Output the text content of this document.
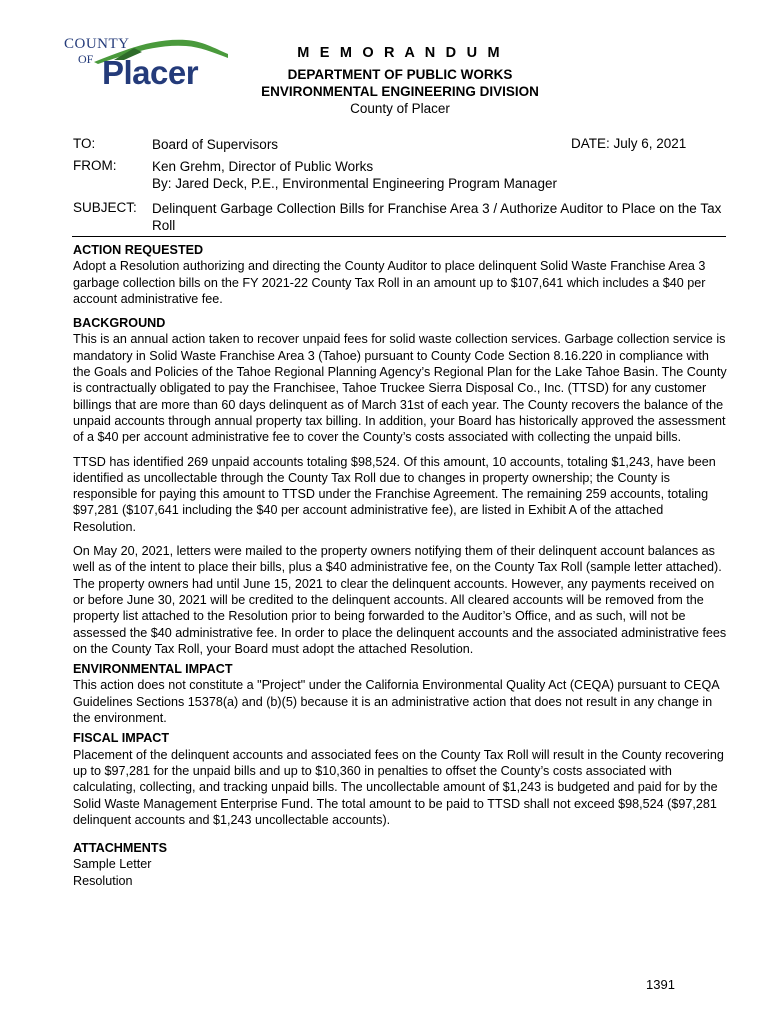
COUNTY
OF Placer
M E M O R A N D U M
DEPARTMENT OF PUBLIC WORKS
ENVIRONMENTAL ENGINEERING DIVISION
County of Placer
TO:	Board of Supervisors	DATE: July 6, 2021
FROM:	Ken Grehm, Director of Public Works
By: Jared Deck, P.E., Environmental Engineering Program Manager
SUBJECT: Delinquent Garbage Collection Bills for Franchise Area 3 / Authorize Auditor to Place on the Tax Roll
ACTION REQUESTED

Adopt a Resolution authorizing and directing the County Auditor to place delinquent Solid Waste Franchise Area 3 garbage collection bills on the FY 2021-22 County Tax Roll in an amount up to $107,641 which includes a $40 per account administrative fee.

BACKGROUND

This is an annual action taken to recover unpaid fees for solid waste collection services. Garbage collection service is mandatory in Solid Waste Franchise Area 3 (Tahoe) pursuant to County Code Section 8.16.220 in compliance with the Goals and Policies of the Tahoe Regional Planning Agency’s Regional Plan for the Lake Tahoe Basin. The County is contractually obligated to pay the Franchisee, Tahoe Truckee Sierra Disposal Co., Inc. (TTSD) for any customer billings that are more than 60 days delinquent as of March 31st of each year. The County recovers the balance of the unpaid accounts through annual property tax billing. In addition, your Board has historically approved the assessment of a $40 per account administrative fee to cover the County’s costs associated with collecting the unpaid bills.

TTSD has identified 269 unpaid accounts totaling $98,524. Of this amount, 10 accounts, totaling $1,243, have been identified as uncollectable through the County Tax Roll due to changes in property ownership; the County is responsible for paying this amount to TTSD under the Franchise Agreement. The remaining 259 accounts, totaling $97,281 ($107,641 including the $40 per account administrative fee), are listed in Exhibit A of the attached Resolution.

On May 20, 2021, letters were mailed to the property owners notifying them of their delinquent account balances as well as of the intent to place their bills, plus a $40 administrative fee, on the County Tax Roll (sample letter attached). The property owners had until June 15, 2021 to clear the delinquent accounts. However, any payments received on or before June 30, 2021 will be credited to the delinquent accounts. All cleared accounts will be removed from the property list attached to the Resolution prior to being forwarded to the Auditor’s Office, and as such, will not be assessed the $40 administrative fee. In order to place the delinquent accounts and the associated administrative fees on the County Tax Roll, your Board must adopt the attached Resolution.

ENVIRONMENTAL IMPACT

This action does not constitute a "Project" under the California Environmental Quality Act (CEQA) pursuant to CEQA Guidelines Sections 15378(a) and (b)(5) because it is an administrative action that does not result in any change in the environment.

FISCAL IMPACT

Placement of the delinquent accounts and associated fees on the County Tax Roll will result in the County recovering up to $97,281 for the unpaid bills and up to $10,360 in penalties to offset the County’s costs associated with calculating, collecting, and tracking unpaid bills. The uncollectable amount of $1,243 is budgeted and paid for by the Solid Waste Management Enterprise Fund. The total amount to be paid to TTSD shall not exceed $98,524 ($97,281 delinquent accounts and $1,243 uncollectable accounts).

ATTACHMENTS

Sample Letter

Resolution

1391
